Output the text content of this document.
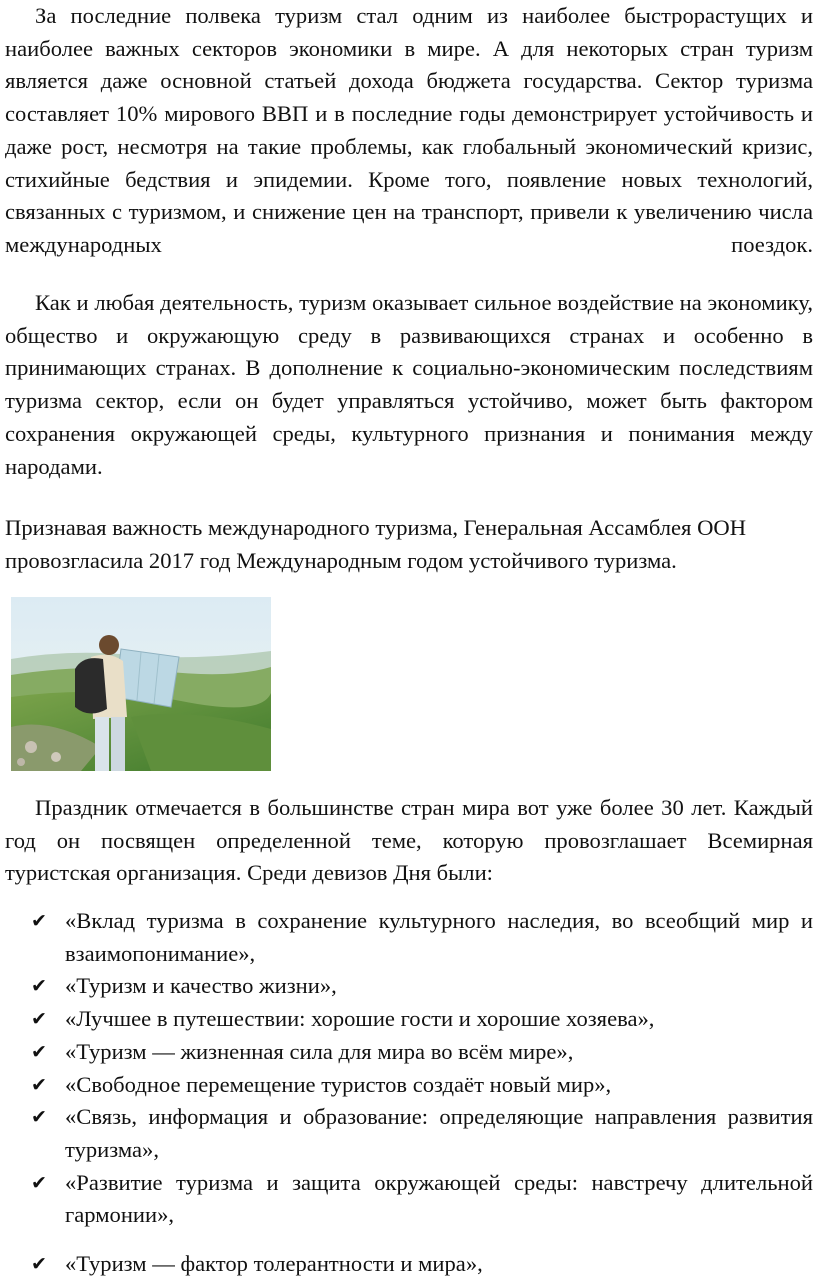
За последние полвека туризм стал одним из наиболее быстрорастущих и наиболее важных секторов экономики в мире. А для некоторых стран туризм является даже основной статьей дохода бюджета государства. Сектор туризма составляет 10% мирового ВВП и в последние годы демонстрирует устойчивость и даже рост, несмотря на такие проблемы, как глобальный экономический кризис, стихийные бедствия и эпидемии. Кроме того, появление новых технологий, связанных с туризмом, и снижение цен на транспорт, привели к увеличению числа международных поездок.

Как и любая деятельность, туризм оказывает сильное воздействие на экономику, общество и окружающую среду в развивающихся странах и особенно в принимающих странах. В дополнение к социально-экономическим последствиям туризма сектор, если он будет управляться устойчиво, может быть фактором сохранения окружающей среды, культурного признания и понимания между народами.

Признавая важность международного туризма, Генеральная Ассамблея ООН провозгласила 2017 год Международным годом устойчивого туризма.

Праздник отмечается в большинстве стран мира вот уже более 30 лет. Каждый год он посвящен определенной теме, которую провозглашает Всемирная туристская организация. Среди девизов Дня были:

✔ «Вклад туризма в сохранение культурного наследия, во всеобщий мир и взаимопонимание»,
✔ «Туризм и качество жизни»,
✔ «Лучшее в путешествии: хорошие гости и хорошие хозяева»,
✔ «Туризм — жизненная сила для мира во всём мире»,
✔ «Свободное перемещение туристов создаёт новый мир»,
✔ «Связь, информация и образование: определяющие направления развития туризма»,
✔ «Развитие туризма и защита окружающей среды: навстречу длительной гармонии»,
✔ «Туризм — фактор толерантности и мира»,
